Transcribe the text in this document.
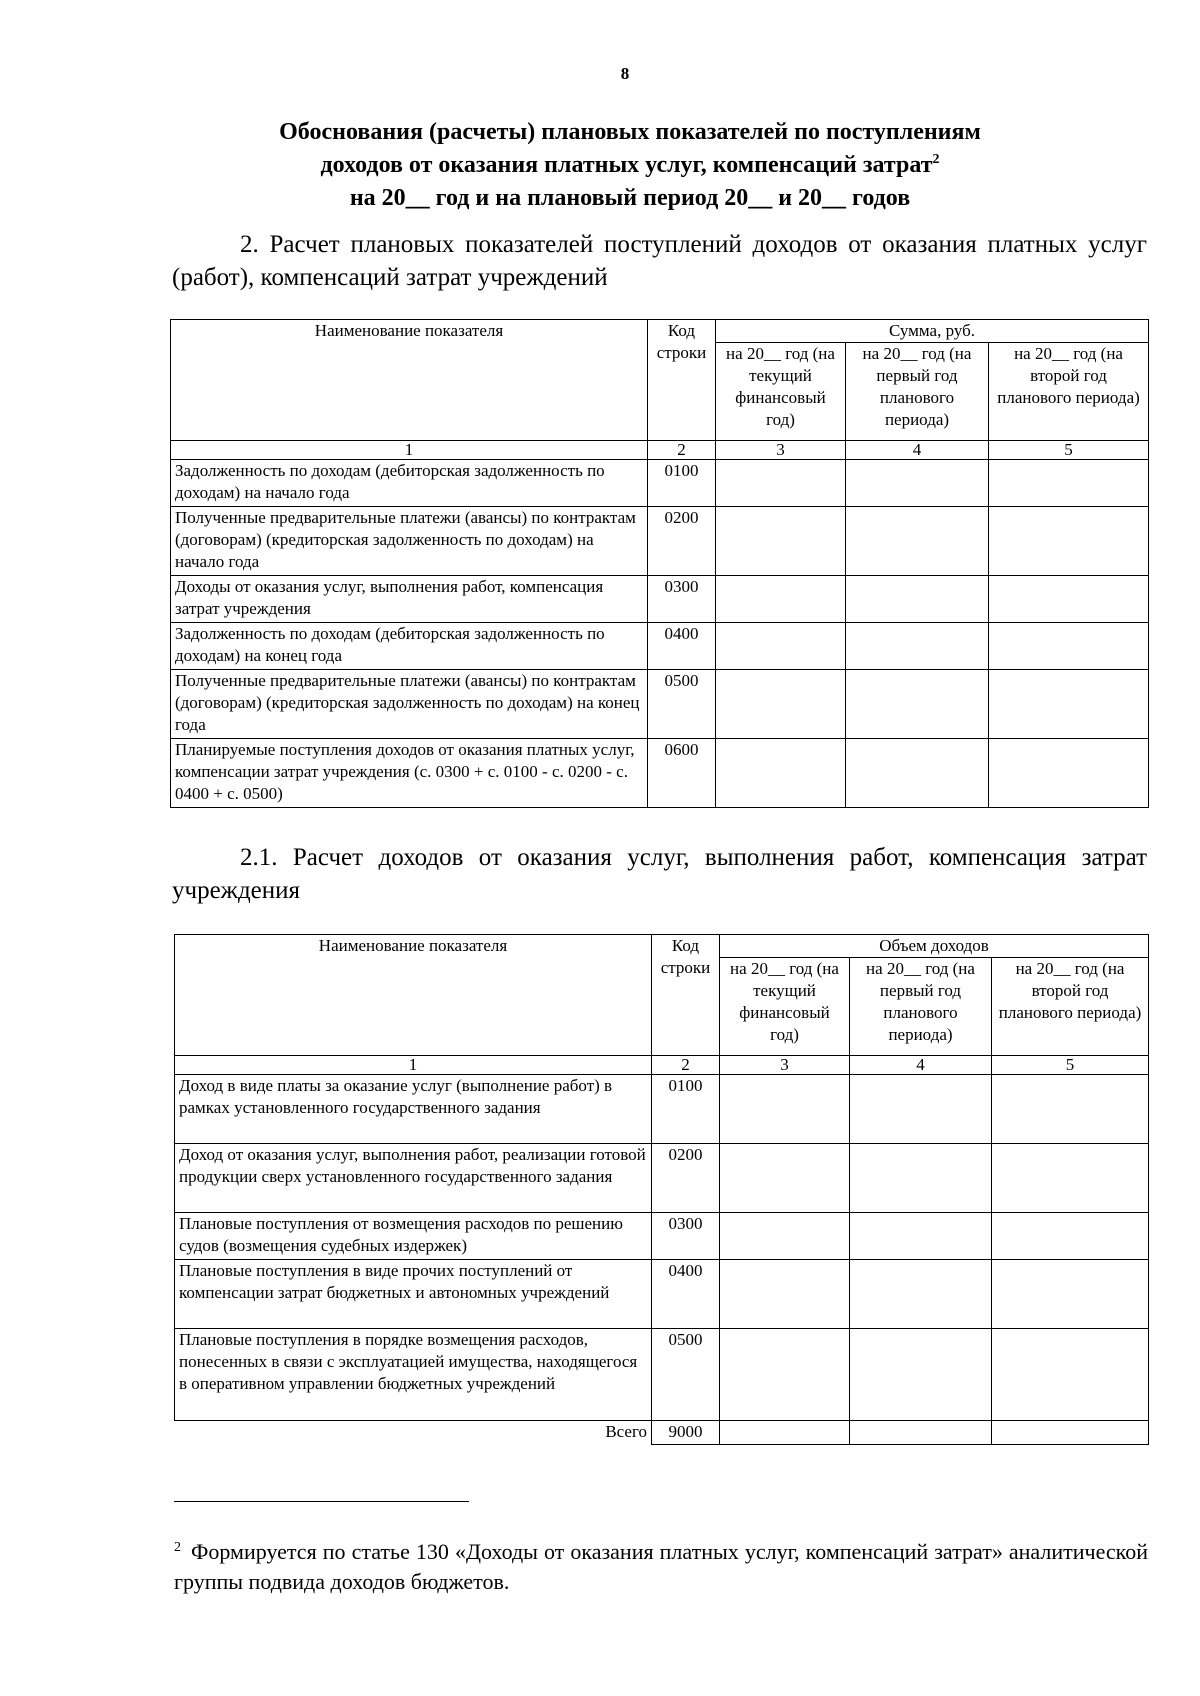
8
Обоснования (расчеты) плановых показателей по поступлениям
доходов от оказания платных услуг, компенсаций затрат$^2$
на 20__ год и на плановый период 20__ и 20__ годов
2. Расчет плановых показателей поступлений доходов от оказания платных услуг (работ), компенсаций затрат учреждений
Наименование показателя	Код строки	Сумма, руб.		
		на 20__ год (на текущий финансовый год)	на 20__ год (на первый год планового периода)	на 20__ год (на второй год планового периода)
1	2	3	4	5
Задолженность по доходам (дебиторская задолженность по доходам) на начало года	0100			
Полученные предварительные платежи (авансы) по контрактам (договорам) (кредиторская задолженность по доходам) на начало года	0200			
Доходы от оказания услуг, выполнения работ, компенсация затрат учреждения	0300			
Задолженность по доходам (дебиторская задолженность по доходам) на конец года	0400			
Полученные предварительные платежи (авансы) по контрактам (договорам) (кредиторская задолженность по доходам) на конец года	0500			
Планируемые поступления доходов от оказания платных услуг, компенсации затрат учреждения (с. 0300 + с. 0100 - с. 0200 - с. 0400 + с. 0500)	0600			
2.1. Расчет доходов от оказания услуг, выполнения работ, компенсация затрат учреждения
Наименование показателя	Код строки	Объем доходов		
		на 20__ год (на текущий финансовый год)	на 20__ год (на первый год планового периода)	на 20__ год (на второй год планового периода)
1	2	3	4	5
Доход в виде платы за оказание услуг (выполнение работ) в рамках установленного государственного задания	0100			
Доход от оказания услуг, выполнения работ, реализации готовой продукции сверх установленного государственного задания	0200			
Плановые поступления от возмещения расходов по решению судов (возмещения судебных издержек)	0300			
Плановые поступления в виде прочих поступлений от компенсации затрат бюджетных и автономных учреждений	0400			
Плановые поступления в порядке возмещения расходов, понесенных в связи с эксплуатацией имущества, находящегося в оперативном управлении бюджетных учреждений	0500			
Всего	9000			
$^2$ Формируется по статье 130 «Доходы от оказания платных услуг, компенсаций затрат» аналитической группы подвида доходов бюджетов.
